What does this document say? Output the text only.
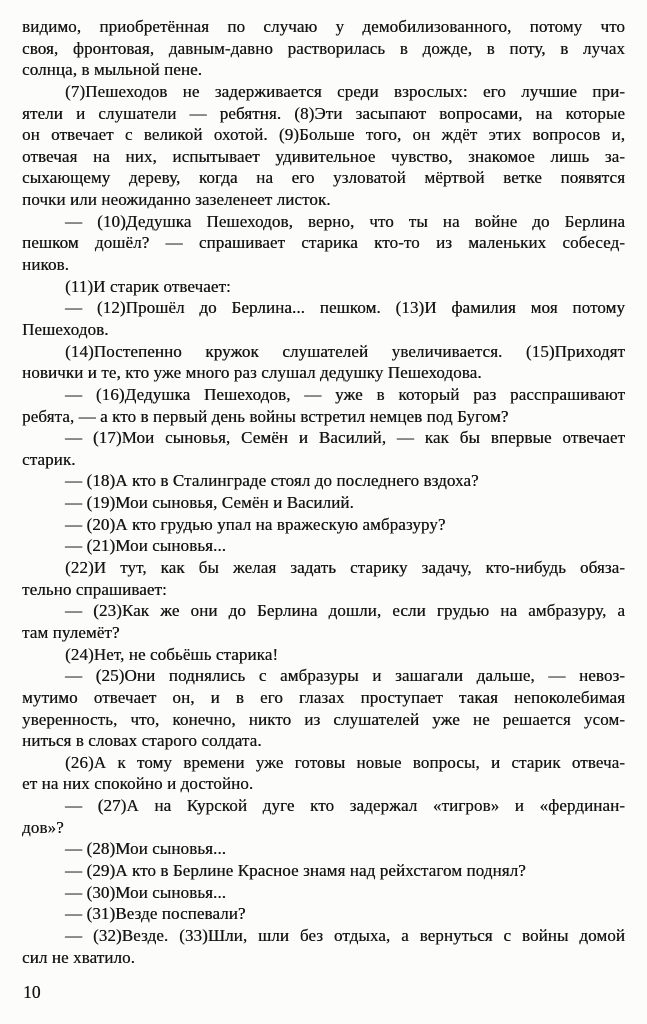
видимо, приобретённая по случаю у демобилизованного, потому что
своя, фронтовая, давным-давно растворилась в дожде, в поту, в лучах
солнца, в мыльной пене.
(7)Пешеходов не задерживается среди взрослых: его лучшие при-
ятели и слушатели — ребятня. (8)Эти засыпают вопросами, на которые
он отвечает с великой охотой. (9)Больше того, он ждёт этих вопросов и,
отвечая на них, испытывает удивительное чувство, знакомое лишь за-
сыхающему дереву, когда на его узловатой мёртвой ветке появятся
почки или неожиданно зазеленеет листок.
— (10)Дедушка Пешеходов, верно, что ты на войне до Берлина
пешком дошёл? — спрашивает старика кто-то из маленьких собесед-
ников.
(11)И старик отвечает:
— (12)Прошёл до Берлина... пешком. (13)И фамилия моя потому
Пешеходов.
(14)Постепенно кружок слушателей увеличивается. (15)Приходят
новички и те, кто уже много раз слушал дедушку Пешеходова.
— (16)Дедушка Пешеходов, — уже в который раз расспрашивают
ребята, — а кто в первый день войны встретил немцев под Бугом?
— (17)Мои сыновья, Семён и Василий, — как бы впервые отвечает
старик.
— (18)А кто в Сталинграде стоял до последнего вздоха?
— (19)Мои сыновья, Семён и Василий.
— (20)А кто грудью упал на вражескую амбразуру?
— (21)Мои сыновья...
(22)И тут, как бы желая задать старику задачу, кто-нибудь обяза-
тельно спрашивает:
— (23)Как же они до Берлина дошли, если грудью на амбразуру, а
там пулемёт?
(24)Нет, не собьёшь старика!
— (25)Они поднялись с амбразуры и зашагали дальше, — невоз-
мутимо отвечает он, и в его глазах проступает такая непоколебимая
уверенность, что, конечно, никто из слушателей уже не решается усом-
ниться в словах старого солдата.
(26)А к тому времени уже готовы новые вопросы, и старик отвеча-
ет на них спокойно и достойно.
— (27)А на Курской дуге кто задержал «тигров» и «фердинан-
дов»?
— (28)Мои сыновья...
— (29)А кто в Берлине Красное знамя над рейхстагом поднял?
— (30)Мои сыновья...
— (31)Везде поспевали?
— (32)Везде. (33)Шли, шли без отдыха, а вернуться с войны домой
сил не хватило.
10
